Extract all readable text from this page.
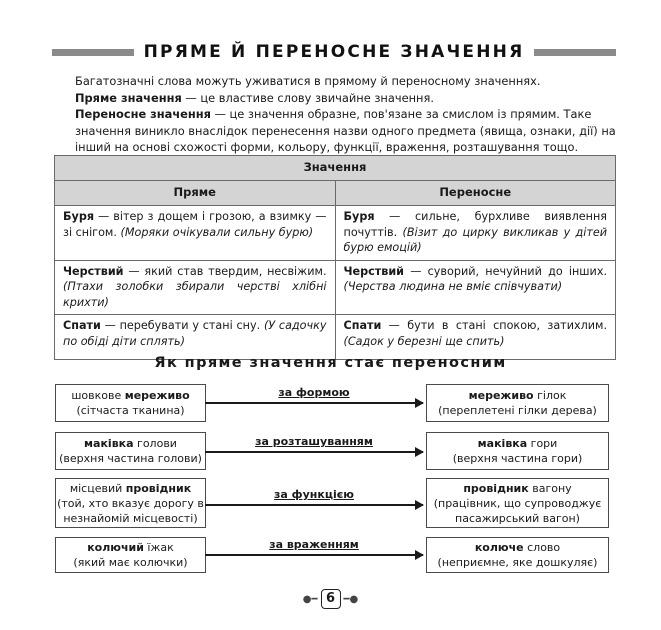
ПРЯМЕ Й ПЕРЕНОСНЕ ЗНАЧЕННЯ

Багатозначні слова можуть уживатися в прямому й переносному значеннях.

Пряме значення — це властиве слову звичайне значення.

Переносне значення — це значення образне, пов'язане за смислом із прямим. Таке значення виникло внаслідок перенесення назви одного предмета (явища, ознаки, дії) на інший на основі схожості форми, кольору, функції, враження, розташування тощо.

Значення	
Пряме	Переносне
Буря — вітер з дощем і грозою, а взимку — зі снігом. (Моряки очікували сильну бурю)	Буря — сильне, бурхливе виявлення почуттів. (Візит до цирку викликав у дітей бурю емоцій)
Черствий — який став твердим, несвіжим. (Птахи золобки збирали черстві хлібні крихти)	Черствий — суворий, нечуйний до інших. (Черства людина не вміє співчувати)
Спати — перебувати у стані сну. (У садочку по обіді діти сплять)	Спати — бути в стані спокою, затихлим. (Садок у березні ще спить)
Як пряме значення стає переносним
шовкове мереживо
(сітчаста тканина)
за формою	мереживо гілок
(переплетені гілки дерева)
маківка голови
(верхня частина голови)
за розташуванням	маківка гори
(верхня частина гори)
місцевий провідник
(той, хто вказує дорогу в незнайомій місцевості)
за функцією	провідник вагону
(працівник, що супроводжує пасажирський вагон)
колючий їжак
(який має колючки)
за враженням	колюче слово
(неприємне, яке дошкуляє)
●━ 6 ━●
